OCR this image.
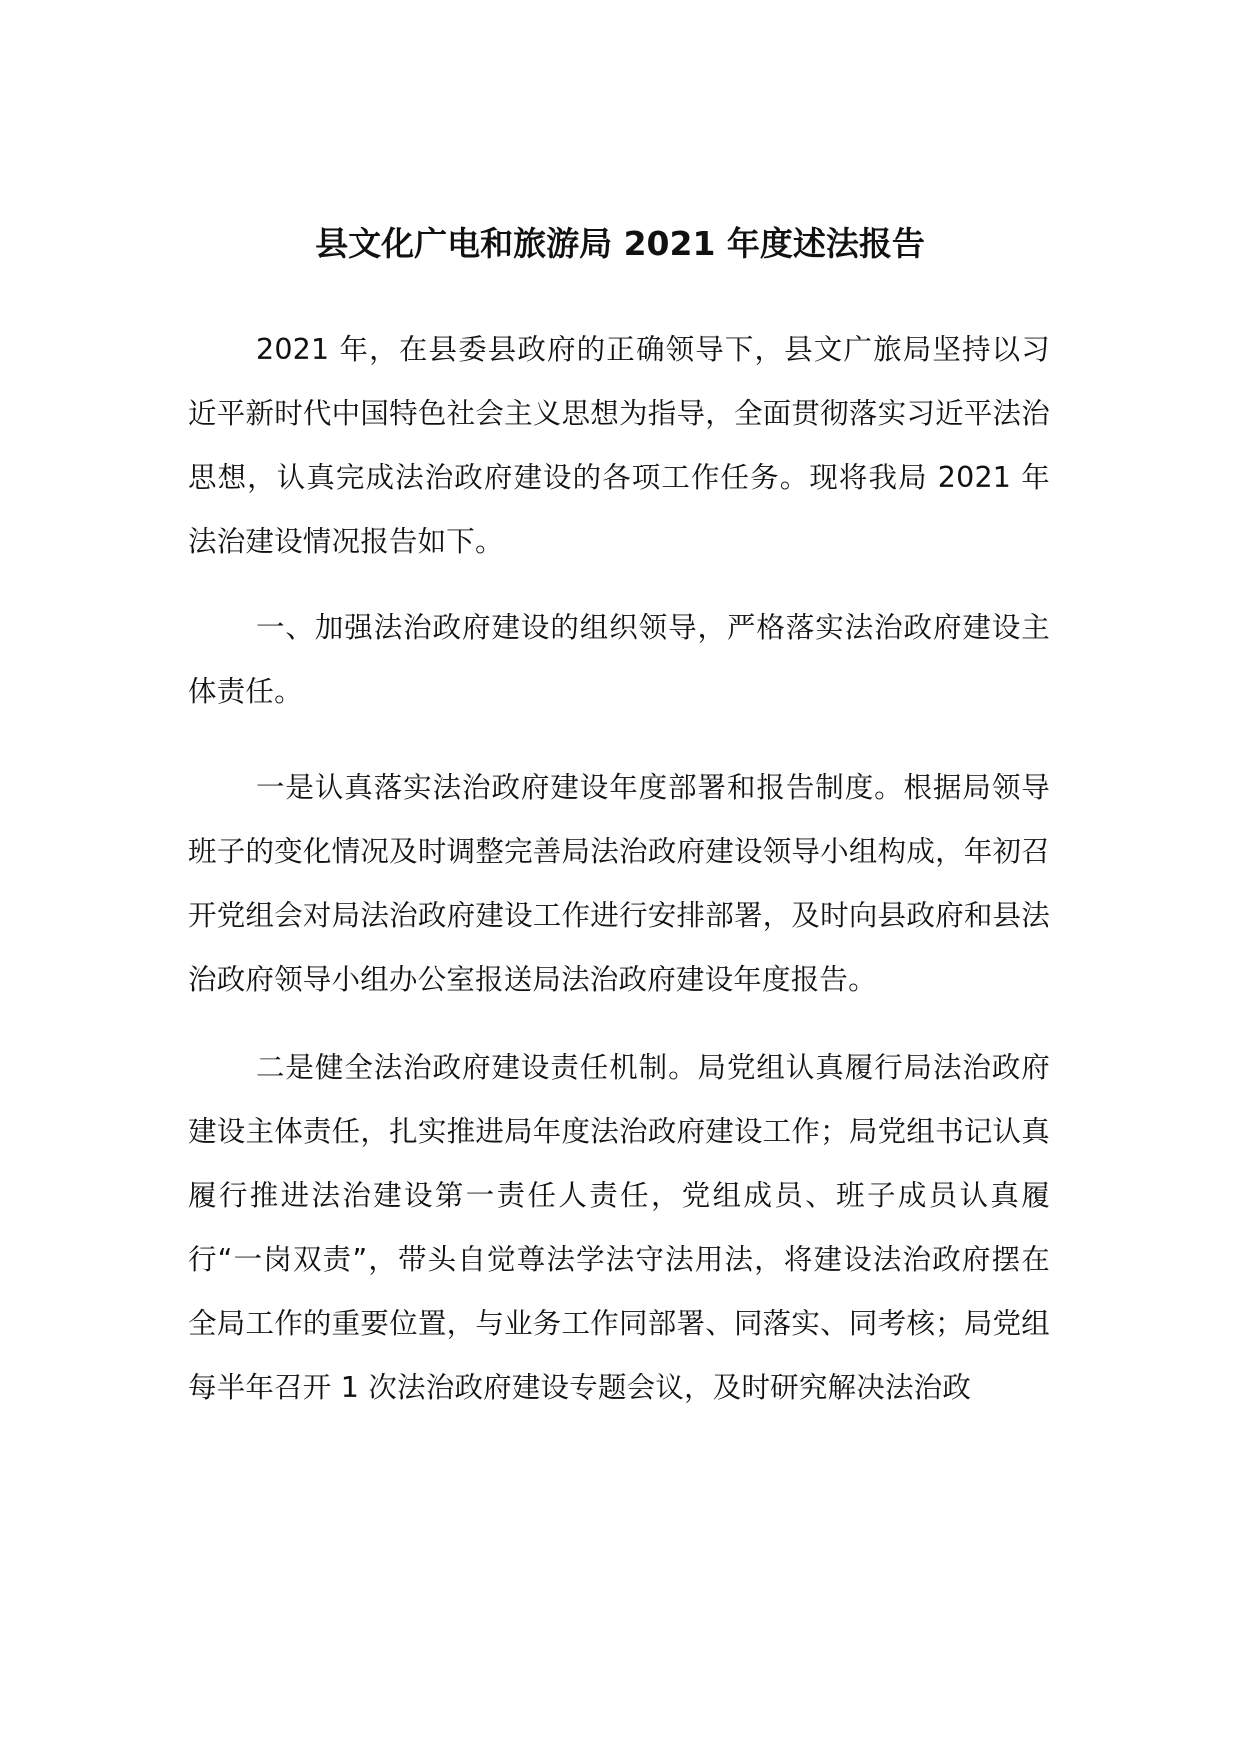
县文化广电和旅游局 2021 年度述法报告

2021 年，在县委县政府的正确领导下，县文广旅局坚持以习近平新时代中国特色社会主义思想为指导，全面贯彻落实习近平法治思想，认真完成法治政府建设的各项工作任务。现将我局 2021 年法治建设情况报告如下。

一、加强法治政府建设的组织领导，严格落实法治政府建设主体责任。

一是认真落实法治政府建设年度部署和报告制度。根据局领导班子的变化情况及时调整完善局法治政府建设领导小组构成，年初召开党组会对局法治政府建设工作进行安排部署，及时向县政府和县法治政府领导小组办公室报送局法治政府建设年度报告。

二是健全法治政府建设责任机制。局党组认真履行局法治政府建设主体责任，扎实推进局年度法治政府建设工作；局党组书记认真履行推进法治建设第一责任人责任，党组成员、班子成员认真履行“一岗双责”，带头自觉尊法学法守法用法，将建设法治政府摆在全局工作的重要位置，与业务工作同部署、同落实、同考核；局党组每半年召开 1 次法治政府建设专题会议，及时研究解决法治政
